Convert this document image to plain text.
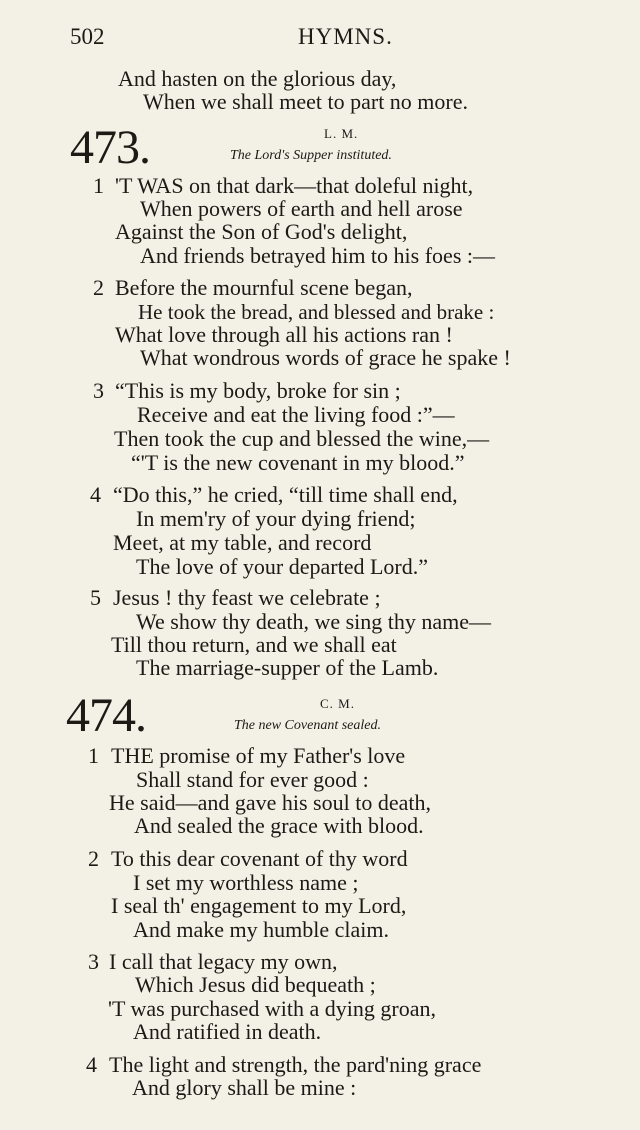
502	HYMNS.
And hasten on the glorious day,
When we shall meet to part no more.
473.	L. M.
The Lord's Supper instituted.
1 'T WAS on that dark—that doleful night,
When powers of earth and hell arose
Against the Son of God's delight,
And friends betrayed him to his foes :—
2 Before the mournful scene began,
He took the bread, and blessed and brake :
What love through all his actions ran !
What wondrous words of grace he spake !
3 “This is my body, broke for sin ;
Receive and eat the living food :”—
Then took the cup and blessed the wine,—
“'T is the new covenant in my blood.”
4 “Do this,” he cried, “till time shall end,
In mem'ry of your dying friend;
Meet, at my table, and record
The love of your departed Lord.”
5 Jesus ! thy feast we celebrate ;
We show thy death, we sing thy name—
Till thou return, and we shall eat
The marriage-supper of the Lamb.
474.	C. M.
The new Covenant sealed.
1 THE promise of my Father's love
Shall stand for ever good :
He said—and gave his soul to death,
And sealed the grace with blood.
2 To this dear covenant of thy word
I set my worthless name ;
I seal th' engagement to my Lord,
And make my humble claim.
3 I call that legacy my own,
Which Jesus did bequeath ;
'T was purchased with a dying groan,
And ratified in death.
4 The light and strength, the pard'ning grace
And glory shall be mine :
